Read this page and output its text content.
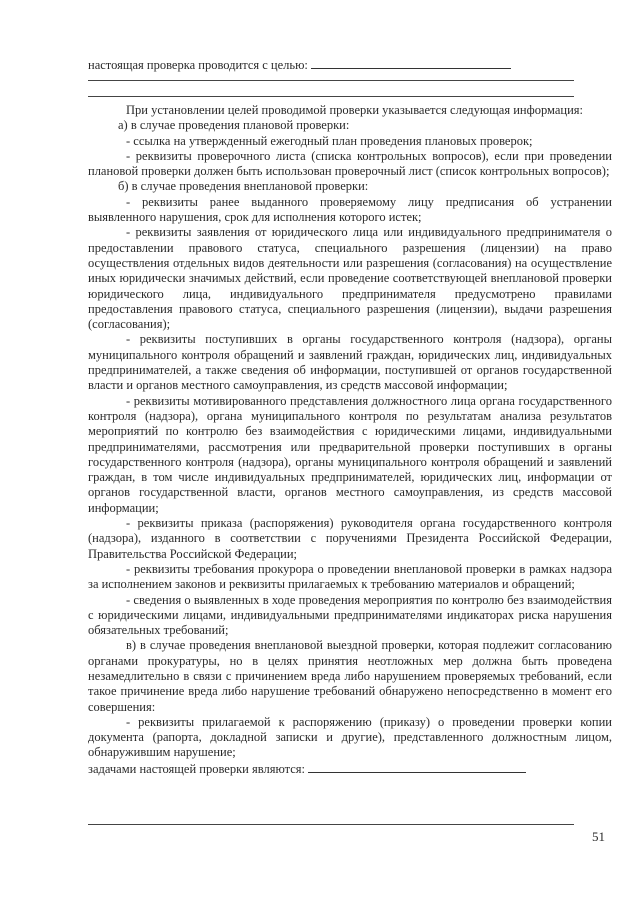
настоящая проверка проводится с целью:

При установлении целей проводимой проверки указывается следующая информация:

а) в случае проведения плановой проверки:

- ссылка на утвержденный ежегодный план проведения плановых проверок;

- реквизиты проверочного листа (списка контрольных вопросов), если при проведении плановой проверки должен быть использован проверочный лист (список контрольных вопросов);

б) в случае проведения внеплановой проверки:

- реквизиты ранее выданного проверяемому лицу предписания об устранении выявленного нарушения, срок для исполнения которого истек;

- реквизиты заявления от юридического лица или индивидуального предпринимателя о предоставлении правового статуса, специального разрешения (лицензии) на право осуществления отдельных видов деятельности или разрешения (согласования) на осуществление иных юридически значимых действий, если проведение соответствующей внеплановой проверки юридического лица, индивидуального предпринимателя предусмотрено правилами предоставления правового статуса, специального разрешения (лицензии), выдачи разрешения (согласования);

- реквизиты поступивших в органы государственного контроля (надзора), органы муниципального контроля обращений и заявлений граждан, юридических лиц, индивидуальных предпринимателей, а также сведения об информации, поступившей от органов государственной власти и органов местного самоуправления, из средств массовой информации;

- реквизиты мотивированного представления должностного лица органа государственного контроля (надзора), органа муниципального контроля по результатам анализа результатов мероприятий по контролю без взаимодействия с юридическими лицами, индивидуальными предпринимателями, рассмотрения или предварительной проверки поступивших в органы государственного контроля (надзора), органы муниципального контроля обращений и заявлений граждан, в том числе индивидуальных предпринимателей, юридических лиц, информации от органов государственной власти, органов местного самоуправления, из средств массовой информации;

- реквизиты приказа (распоряжения) руководителя органа государственного контроля (надзора), изданного в соответствии с поручениями Президента Российской Федерации, Правительства Российской Федерации;

- реквизиты требования прокурора о проведении внеплановой проверки в рамках надзора за исполнением законов и реквизиты прилагаемых к требованию материалов и обращений;

- сведения о выявленных в ходе проведения мероприятия по контролю без взаимодействия с юридическими лицами, индивидуальными предпринимателями индикаторах риска нарушения обязательных требований;

в) в случае проведения внеплановой выездной проверки, которая подлежит согласованию органами прокуратуры, но в целях принятия неотложных мер должна быть проведена незамедлительно в связи с причинением вреда либо нарушением проверяемых требований, если такое причинение вреда либо нарушение требований обнаружено непосредственно в момент его совершения:

- реквизиты прилагаемой к распоряжению (приказу) о проведении проверки копии документа (рапорта, докладной записки и другие), представленного должностным лицом, обнаружившим нарушение;

задачами настоящей проверки являются:

51
